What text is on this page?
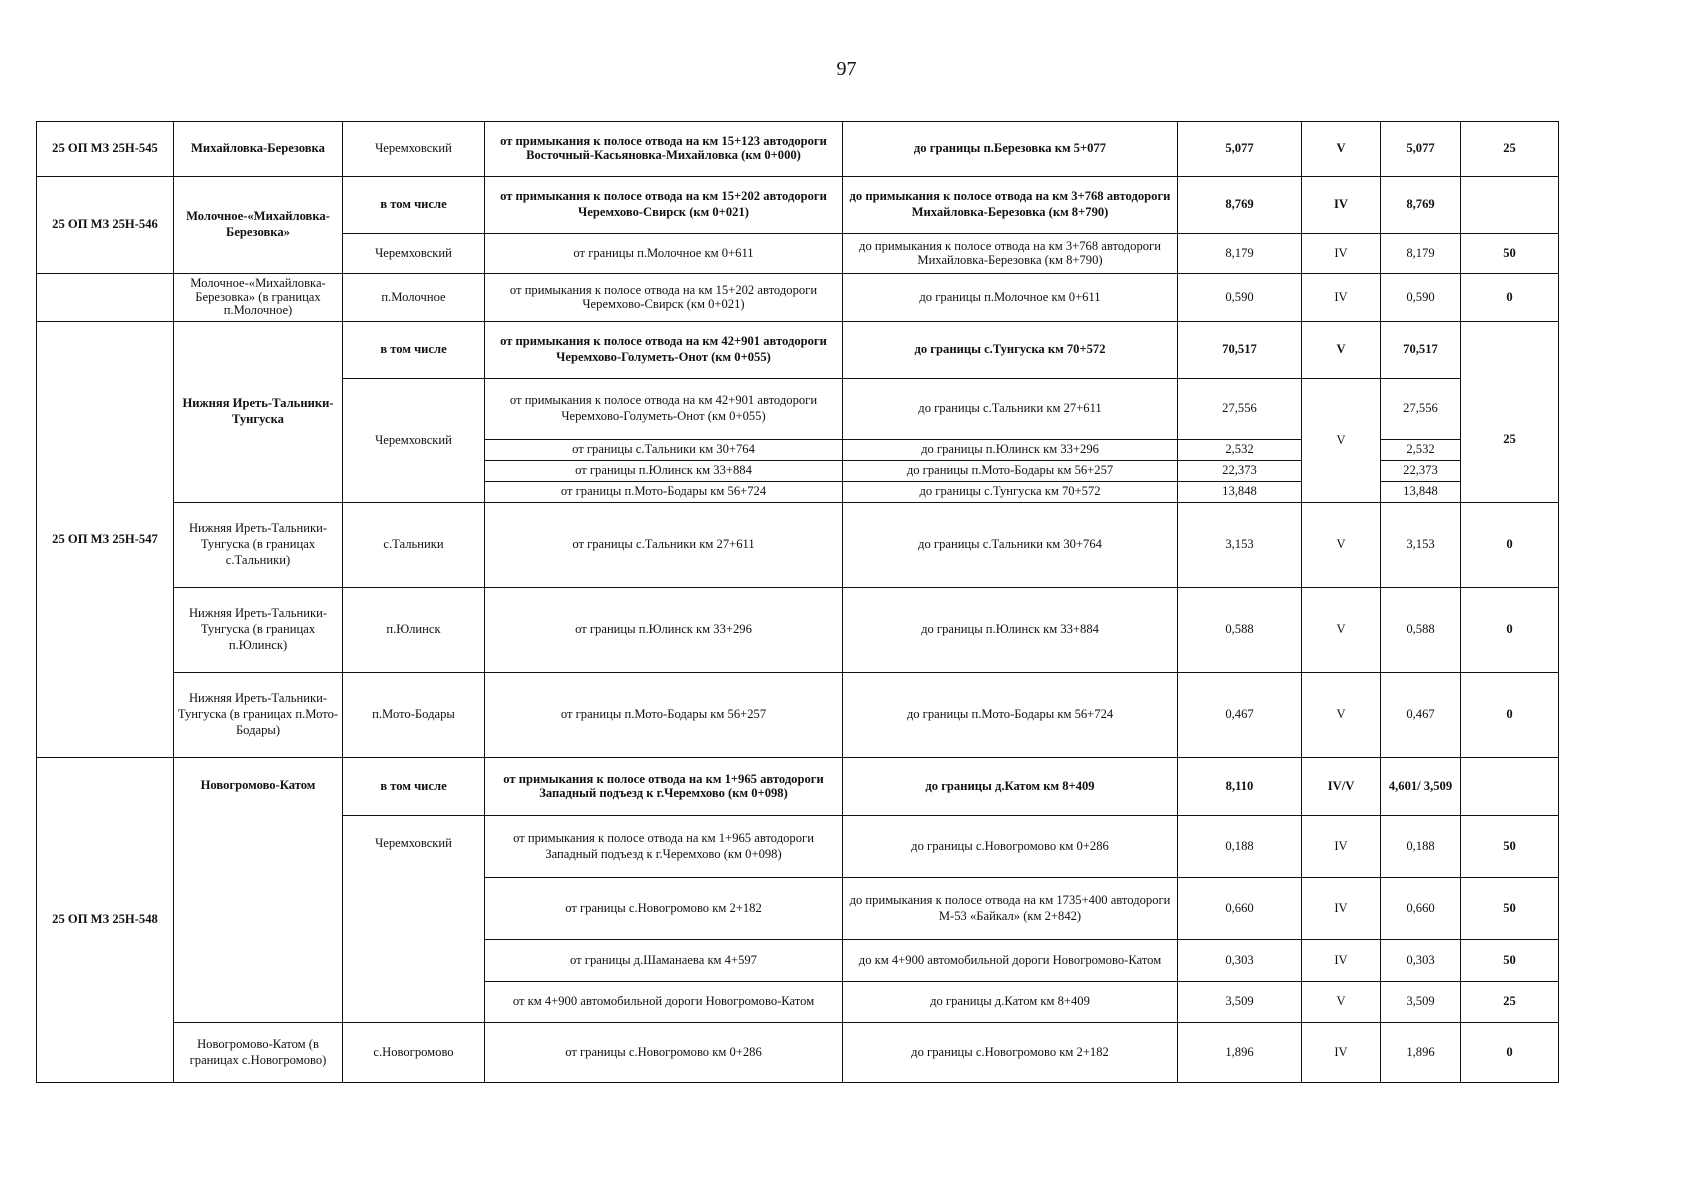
97
25 ОП МЗ 25Н-545	Михайловка-Березовка	Черемховский	от примыкания к полосе отвода на км 15+123 автодороги Восточный-Касьяновка-Михайловка (км 0+000)	до границы п.Березовка км 5+077	5,077	V	5,077	25	
25 ОП МЗ 25Н-546	Молочное-«Михайловка-Березовка»	в том числе	от примыкания к полосе отвода на км 15+202 автодороги Черемхово-Свирск (км 0+021)	до примыкания к полосе отвода на км 3+768 автодороги Михайловка-Березовка (км 8+790)	8,769	IV	8,769		
		Черемховский	от границы п.Молочное км 0+611	до примыкания к полосе отвода на км 3+768 автодороги Михайловка-Березовка (км 8+790)	8,179	IV	8,179	50	
	Молочное-«Михайловка-Березовка» (в границах п.Молочное)	п.Молочное	от примыкания к полосе отвода на км 15+202 автодороги Черемхово-Свирск (км 0+021)	до границы п.Молочное км 0+611	0,590	IV	0,590	0	
25 ОП МЗ 25Н-547	Нижняя Иреть-Тальники-Тунгуска	в том числе	от примыкания к полосе отвода на км 42+901 автодороги Черемхово-Голуметь-Онот (км 0+055)	до границы с.Тунгуска км 70+572	70,517	V	70,517		
		Черемховский	от примыкания к полосе отвода на км 42+901 автодороги Черемхово-Голуметь-Онот (км 0+055)	до границы с.Тальники км 27+611	27,556	V	27,556	25	
			от границы с.Тальники км 30+764	до границы п.Юлинск км 33+296	2,532		2,532		
			от границы п.Юлинск км 33+884	до границы п.Мото-Бодары км 56+257	22,373		22,373		
			от границы п.Мото-Бодары км 56+724	до границы с.Тунгуска км 70+572	13,848		13,848		
	Нижняя Иреть-Тальники-Тунгуска (в границах с.Тальники)	с.Тальники	от границы с.Тальники км 27+611	до границы с.Тальники км 30+764	3,153	V	3,153	0	
	Нижняя Иреть-Тальники-Тунгуска (в границах п.Юлинск)	п.Юлинск	от границы п.Юлинск км 33+296	до границы п.Юлинск км 33+884	0,588	V	0,588	0	
	Нижняя Иреть-Тальники-Тунгуска (в границах п.Мото-Бодары)	п.Мото-Бодары	от границы п.Мото-Бодары км 56+257	до границы п.Мото-Бодары км 56+724	0,467	V	0,467	0	
25 ОП МЗ 25Н-548	Новогромово-Катом	в том числе	от примыкания к полосе отвода на км 1+965 автодороги Западный подъезд к г.Черемхово (км 0+098)	до границы д.Катом км 8+409	8,110	IV/V	4,601/ 3,509		
		Черемховский	от примыкания к полосе отвода на км 1+965 автодороги Западный подъезд к г.Черемхово (км 0+098)	до границы с.Новогромово км 0+286	0,188	IV	0,188	50	
			от границы с.Новогромово км 2+182	до примыкания к полосе отвода на км 1735+400 автодороги М-53 «Байкал» (км 2+842)	0,660	IV	0,660	50	
			от границы д.Шаманаева км 4+597	до км 4+900 автомобильной дороги Новогромово-Катом	0,303	IV	0,303	50	
			от км 4+900 автомобильной дороги Новогромово-Катом	до границы д.Катом км 8+409	3,509	V	3,509	25	
	Новогромово-Катом (в границах с.Новогромово)	с.Новогромово	от границы с.Новогромово км 0+286	до границы с.Новогромово км 2+182	1,896	IV	1,896	0	
